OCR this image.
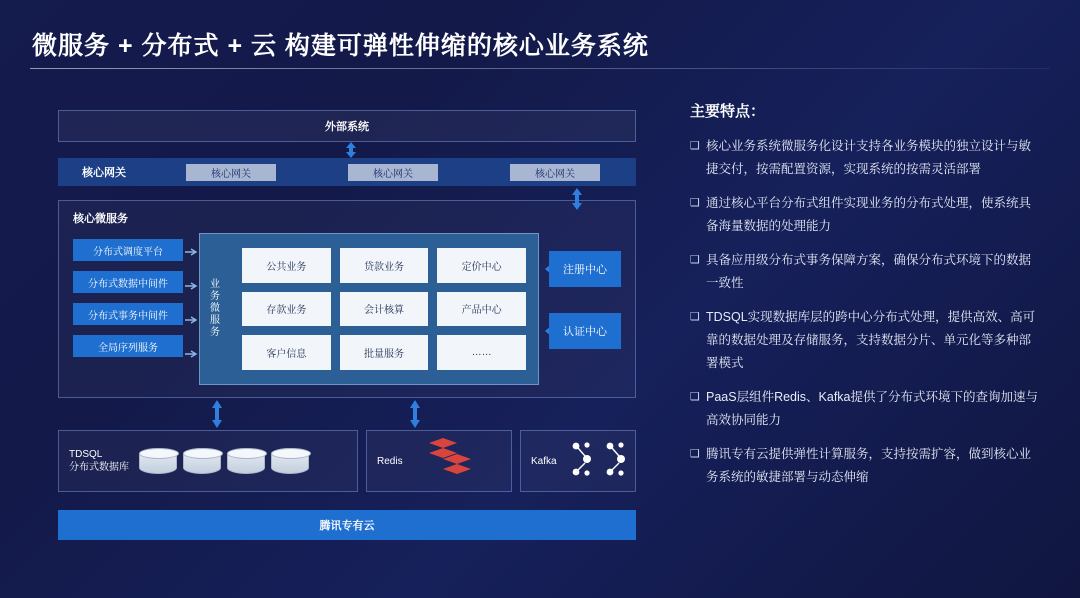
微服务 + 分布式 + 云 构建可弹性伸缩的核心业务系统
外部系统
核心网关	核心网关	核心网关	核心网关
核心微服务
分布式调度平台
分布式数据中间件
分布式事务中间件
全局序列服务
业务微服务
公共业务	贷款业务	定价中心
存款业务	会计核算	产品中心
客户信息	批量服务	……
注册中心
认证中心
TDSQL
分布式数据库
Redis	Kafka
腾讯专有云
主要特点：
❑ 核心业务系统微服务化设计支持各业务模块的独立设计与敏捷交付，按需配置资源，实现系统的按需灵活部署
❑ 通过核心平台分布式组件实现业务的分布式处理，使系统具备海量数据的处理能力
❑ 具备应用级分布式事务保障方案，确保分布式环境下的数据一致性
❑ TDSQL实现数据库层的跨中心分布式处理，提供高效、高可靠的数据处理及存储服务，支持数据分片、单元化等多种部署模式
❑ PaaS层组件Redis、Kafka提供了分布式环境下的查询加速与高效协同能力
❑ 腾讯专有云提供弹性计算服务，支持按需扩容，做到核心业务系统的敏捷部署与动态伸缩
